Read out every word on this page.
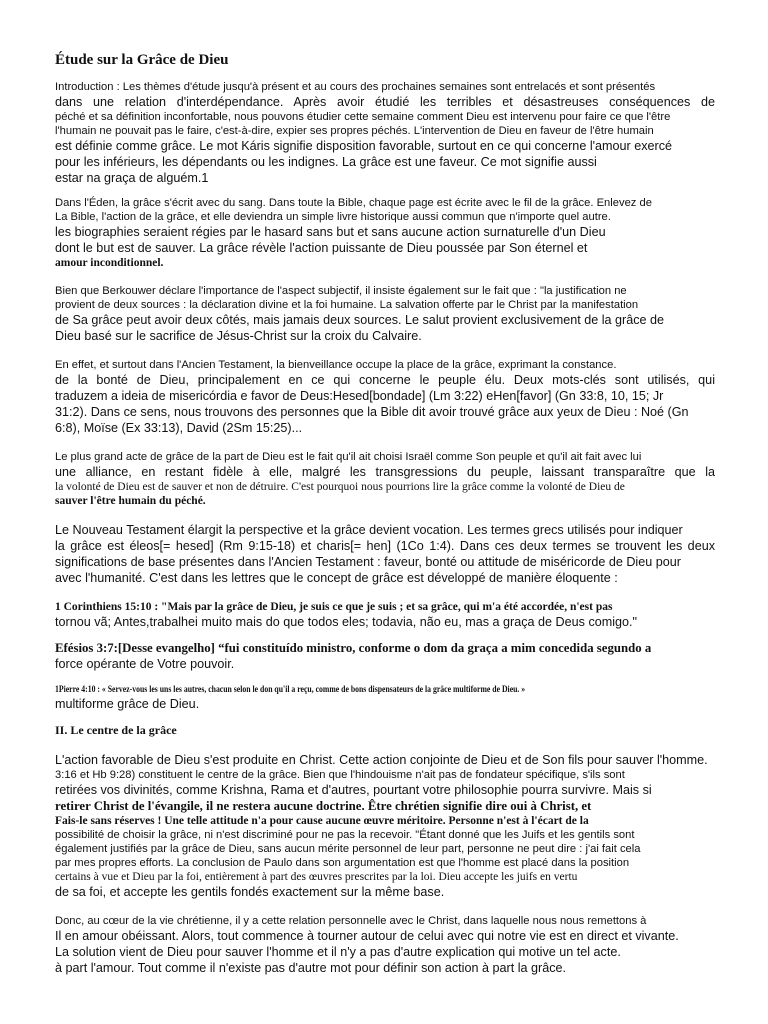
Étude sur la Grâce de Dieu
Introduction : Les thèmes d'étude jusqu'à présent et au cours des prochaines semaines sont entrelacés et sont présentés
dans une relation d'interdépendance. Après avoir étudié les terribles et désastreuses conséquences de
péché et sa définition inconfortable, nous pouvons étudier cette semaine comment Dieu est intervenu pour faire ce que l'être
l'humain ne pouvait pas le faire, c'est-à-dire, expier ses propres péchés. L'intervention de Dieu en faveur de l'être humain
est définie comme grâce. Le mot Káris signifie disposition favorable, surtout en ce qui concerne l'amour exercé
pour les inférieurs, les dépendants ou les indignes. La grâce est une faveur. Ce mot signifie aussi
estar na graça de alguém.1
Dans l'Éden, la grâce s'écrit avec du sang. Dans toute la Bible, chaque page est écrite avec le fil de la grâce. Enlevez de
La Bible, l'action de la grâce, et elle deviendra un simple livre historique aussi commun que n'importe quel autre.
les biographies seraient régies par le hasard sans but et sans aucune action surnaturelle d'un Dieu
dont le but est de sauver. La grâce révèle l'action puissante de Dieu poussée par Son éternel et
amour inconditionnel.
Bien que Berkouwer déclare l'importance de l'aspect subjectif, il insiste également sur le fait que : "la justification ne
provient de deux sources : la déclaration divine et la foi humaine. La salvation offerte par le Christ par la manifestation
de Sa grâce peut avoir deux côtés, mais jamais deux sources. Le salut provient exclusivement de la grâce de
Dieu basé sur le sacrifice de Jésus-Christ sur la croix du Calvaire.
En effet, et surtout dans l'Ancien Testament, la bienveillance occupe la place de la grâce, exprimant la constance.
de la bonté de Dieu, principalement en ce qui concerne le peuple élu. Deux mots-clés sont utilisés, qui
traduzem a ideia de misericórdia e favor de Deus:Hesed[bondade] (Lm 3:22) eHen[favor] (Gn 33:8, 10, 15; Jr
31:2). Dans ce sens, nous trouvons des personnes que la Bible dit avoir trouvé grâce aux yeux de Dieu : Noé (Gn
6:8), Moïse (Ex 33:13), David (2Sm 15:25)...
Le plus grand acte de grâce de la part de Dieu est le fait qu'il ait choisi Israël comme Son peuple et qu'il ait fait avec lui
une alliance, en restant fidèle à elle, malgré les transgressions du peuple, laissant transparaître que la
la volonté de Dieu est de sauver et non de détruire. C'est pourquoi nous pourrions lire la grâce comme la volonté de Dieu de
sauver l'être humain du péché.
Le Nouveau Testament élargit la perspective et la grâce devient vocation. Les termes grecs utilisés pour indiquer
la grâce est éleos[= hesed] (Rm 9:15-18) et charis[= hen] (1Co 1:4). Dans ces deux termes se trouvent les deux
significations de base présentes dans l'Ancien Testament : faveur, bonté ou attitude de miséricorde de Dieu pour
avec l'humanité. C'est dans les lettres que le concept de grâce est développé de manière éloquente :
1 Corinthiens 15:10 : "Mais par la grâce de Dieu, je suis ce que je suis ; et sa grâce, qui m'a été accordée, n'est pas
tornou vã; Antes,trabalhei muito mais do que todos eles; todavia, não eu, mas a graça de Deus comigo."
Efésios 3:7:[Desse evangelho] “fui constituído ministro, conforme o dom da graça a mim concedida segundo a
force opérante de Votre pouvoir.
1Pierre 4:10 : « Servez-vous les uns les autres, chacun selon le don qu'il a reçu, comme de bons dispensateurs de la grâce multiforme de Dieu. »
multiforme grâce de Dieu.
II. Le centre de la grâce
L'action favorable de Dieu s'est produite en Christ. Cette action conjointe de Dieu et de Son fils pour sauver l'homme.
3:16 et Hb 9:28) constituent le centre de la grâce. Bien que l'hindouisme n'ait pas de fondateur spécifique, s'ils sont
retirées vos divinités, comme Krishna, Rama et d'autres, pourtant votre philosophie pourra survivre. Mais si
retirer Christ de l'évangile, il ne restera aucune doctrine. Être chrétien signifie dire oui à Christ, et
Fais-le sans réserves ! Une telle attitude n'a pour cause aucune œuvre méritoire. Personne n'est à l'écart de la
possibilité de choisir la grâce, ni n'est discriminé pour ne pas la recevoir. "Étant donné que les Juifs et les gentils sont
également justifiés par la grâce de Dieu, sans aucun mérite personnel de leur part, personne ne peut dire : j'ai fait cela
par mes propres efforts. La conclusion de Paulo dans son argumentation est que l'homme est placé dans la position
certains à vue et Dieu par la foi, entièrement à part des œuvres prescrites par la loi. Dieu accepte les juifs en vertu
de sa foi, et accepte les gentils fondés exactement sur la même base.
Donc, au cœur de la vie chrétienne, il y a cette relation personnelle avec le Christ, dans laquelle nous nous remettons à
Il en amour obéissant. Alors, tout commence à tourner autour de celui avec qui notre vie est en direct et vivante.
La solution vient de Dieu pour sauver l'homme et il n'y a pas d'autre explication qui motive un tel acte.
à part l'amour. Tout comme il n'existe pas d'autre mot pour définir son action à part la grâce.
